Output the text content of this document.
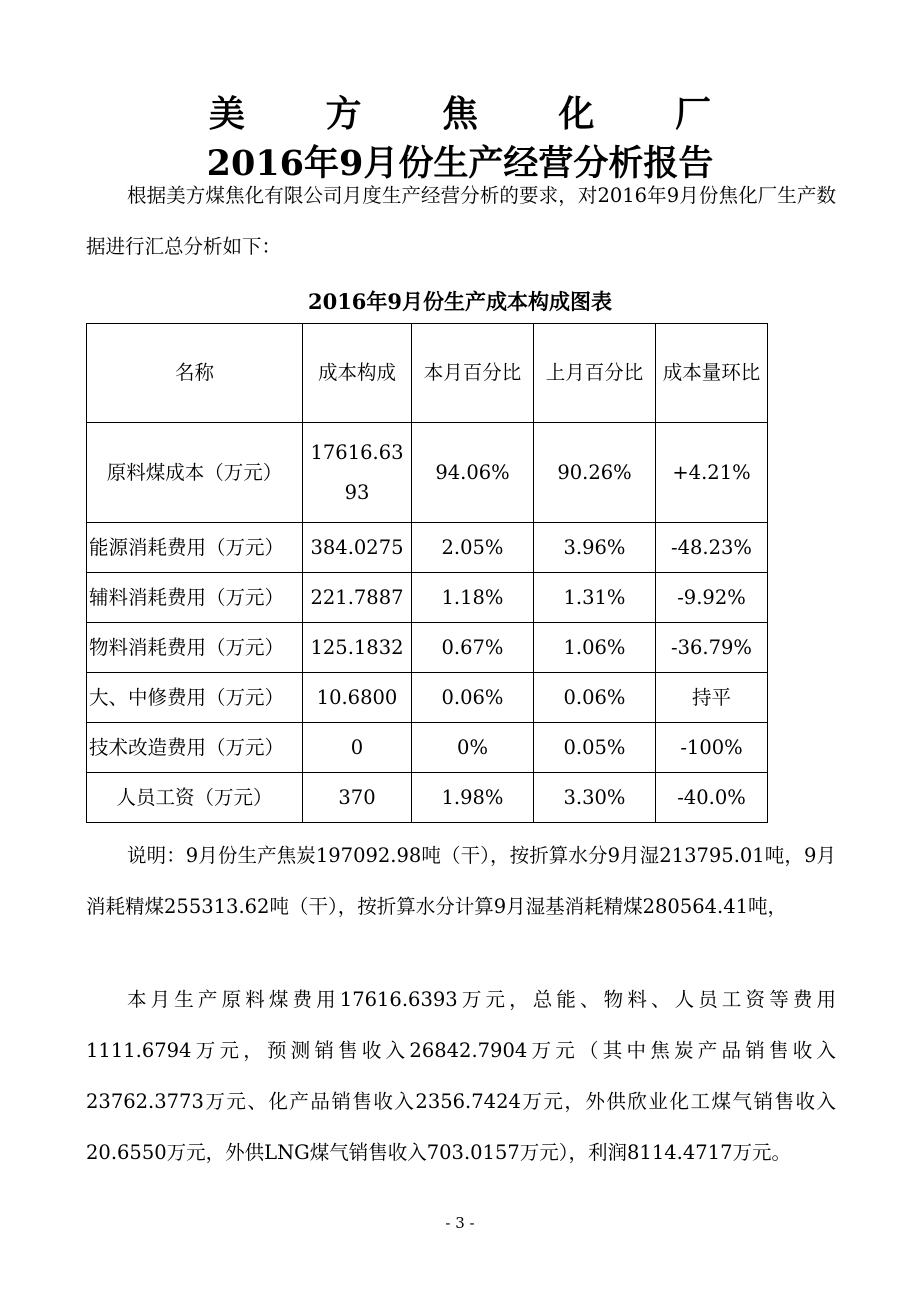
美 方 焦 化 厂
2016年9月份生产经营分析报告

根据美方煤焦化有限公司月度生产经营分析的要求，对2016年9月份焦化厂生产数据进行汇总分析如下：

2016年9月份生产成本构成图表
名称	成本构成	本月百分比	上月百分比	成本量环比
原料煤成本（万元）	17616.6393	94.06%	90.26%	+4.21%
能源消耗费用（万元）	384.0275	2.05%	3.96%	-48.23%
辅料消耗费用（万元）	221.7887	1.18%	1.31%	-9.92%
物料消耗费用（万元）	125.1832	0.67%	1.06%	-36.79%
大、中修费用（万元）	10.6800	0.06%	0.06%	持平
技术改造费用（万元）	0	0%	0.05%	-100%
人员工资（万元）	370	1.98%	3.30%	-40.0%

说明：9月份生产焦炭197092.98吨（干），按折算水分9月湿213795.01吨，9月消耗精煤255313.62吨（干），按折算水分计算9月湿基消耗精煤280564.41吨，

本月生产原料煤费用17616.6393万元，总能、物料、人员工资等费用1111.6794万元，预测销售收入26842.7904万元（其中焦炭产品销售收入23762.3773万元、化产品销售收入2356.7424万元，外供欣业化工煤气销售收入20.6550万元，外供LNG煤气销售收入703.0157万元），利润8114.4717万元。

- 3 -
